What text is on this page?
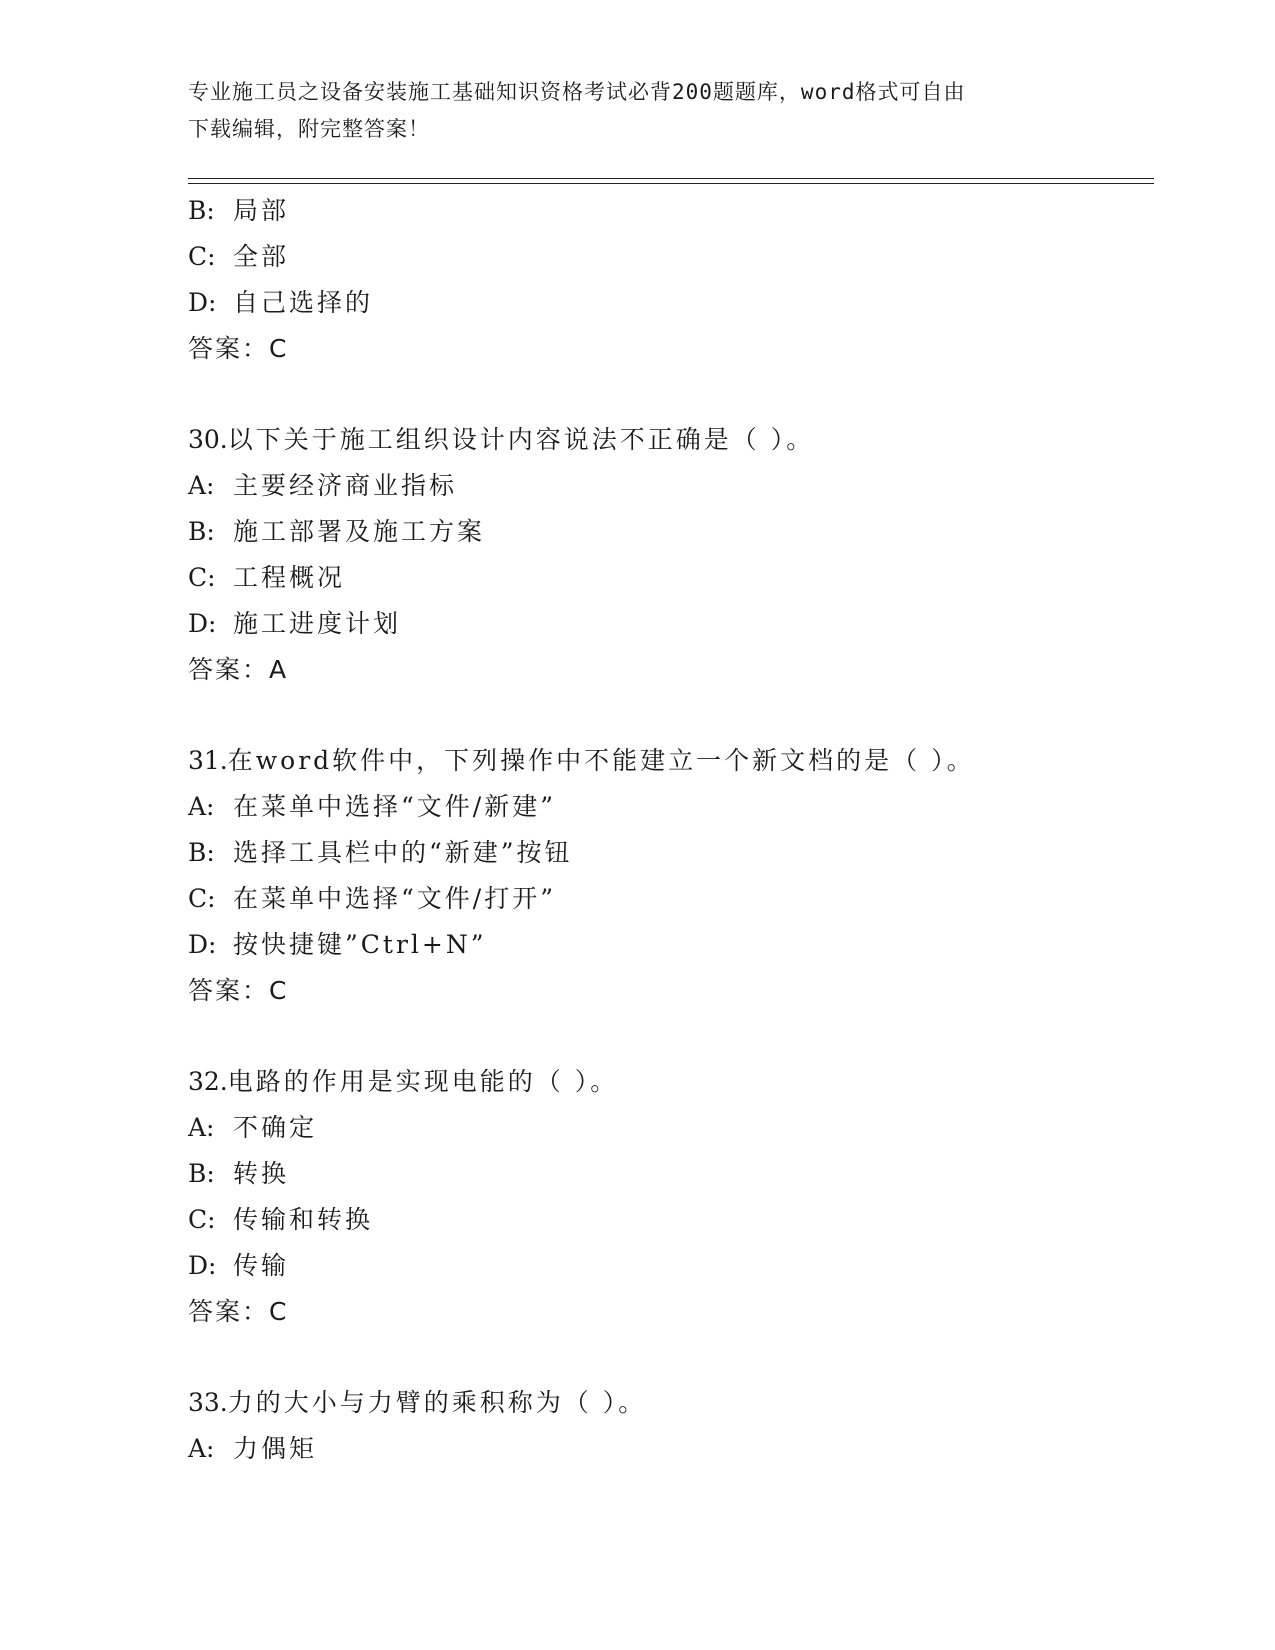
专业施工员之设备安装施工基础知识资格考试必背200题题库，word格式可自由
下载编辑，附完整答案！
B: 局部
C: 全部
D: 自己选择的
答案：C
30.以下关于施工组织设计内容说法不正确是（ ）。
A: 主要经济商业指标
B: 施工部署及施工方案
C: 工程概况
D: 施工进度计划
答案：A
31.在word软件中，下列操作中不能建立一个新文档的是（ ）。
A: 在菜单中选择“文件/新建”
B: 选择工具栏中的“新建”按钮
C: 在菜单中选择“文件/打开”
D: 按快捷键”Ctrl+N”
答案：C
32.电路的作用是实现电能的（ ）。
A: 不确定
B: 转换
C: 传输和转换
D: 传输
答案：C
33.力的大小与力臂的乘积称为（ ）。
A: 力偶矩
